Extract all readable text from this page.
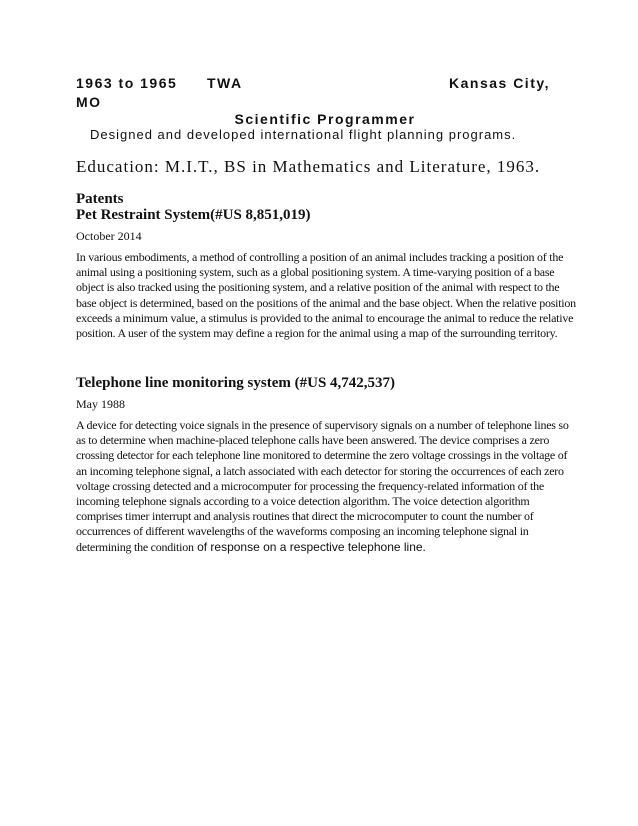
1963 to 1965 TWA	Kansas City,
MO
Scientific Programmer
Designed and developed international flight planning programs.
Education: M.I.T., BS in Mathematics and Literature, 1963.
Patents

Pet Restraint System(#US 8,851,019)

October 2014

In various embodiments, a method of controlling a position of an animal includes tracking a position of the animal using a positioning system, such as a global positioning system. A time-varying position of a base object is also tracked using the positioning system, and a relative position of the animal with respect to the base object is determined, based on the positions of the animal and the base object. When the relative position exceeds a minimum value, a stimulus is provided to the animal to encourage the animal to reduce the relative position. A user of the system may define a region for the animal using a map of the surrounding territory.

Telephone line monitoring system (#US 4,742,537)

May 1988

A device for detecting voice signals in the presence of supervisory signals on a number of telephone lines so as to determine when machine-placed telephone calls have been answered. The device comprises a zero crossing detector for each telephone line monitored to determine the zero voltage crossings in the voltage of an incoming telephone signal, a latch associated with each detector for storing the occurrences of each zero voltage crossing detected and a microcomputer for processing the frequency-related information of the incoming telephone signals according to a voice detection algorithm. The voice detection algorithm comprises timer interrupt and analysis routines that direct the microcomputer to count the number of occurrences of different wavelengths of the waveforms composing an incoming telephone signal in determining the condition of response on a respective telephone line.
